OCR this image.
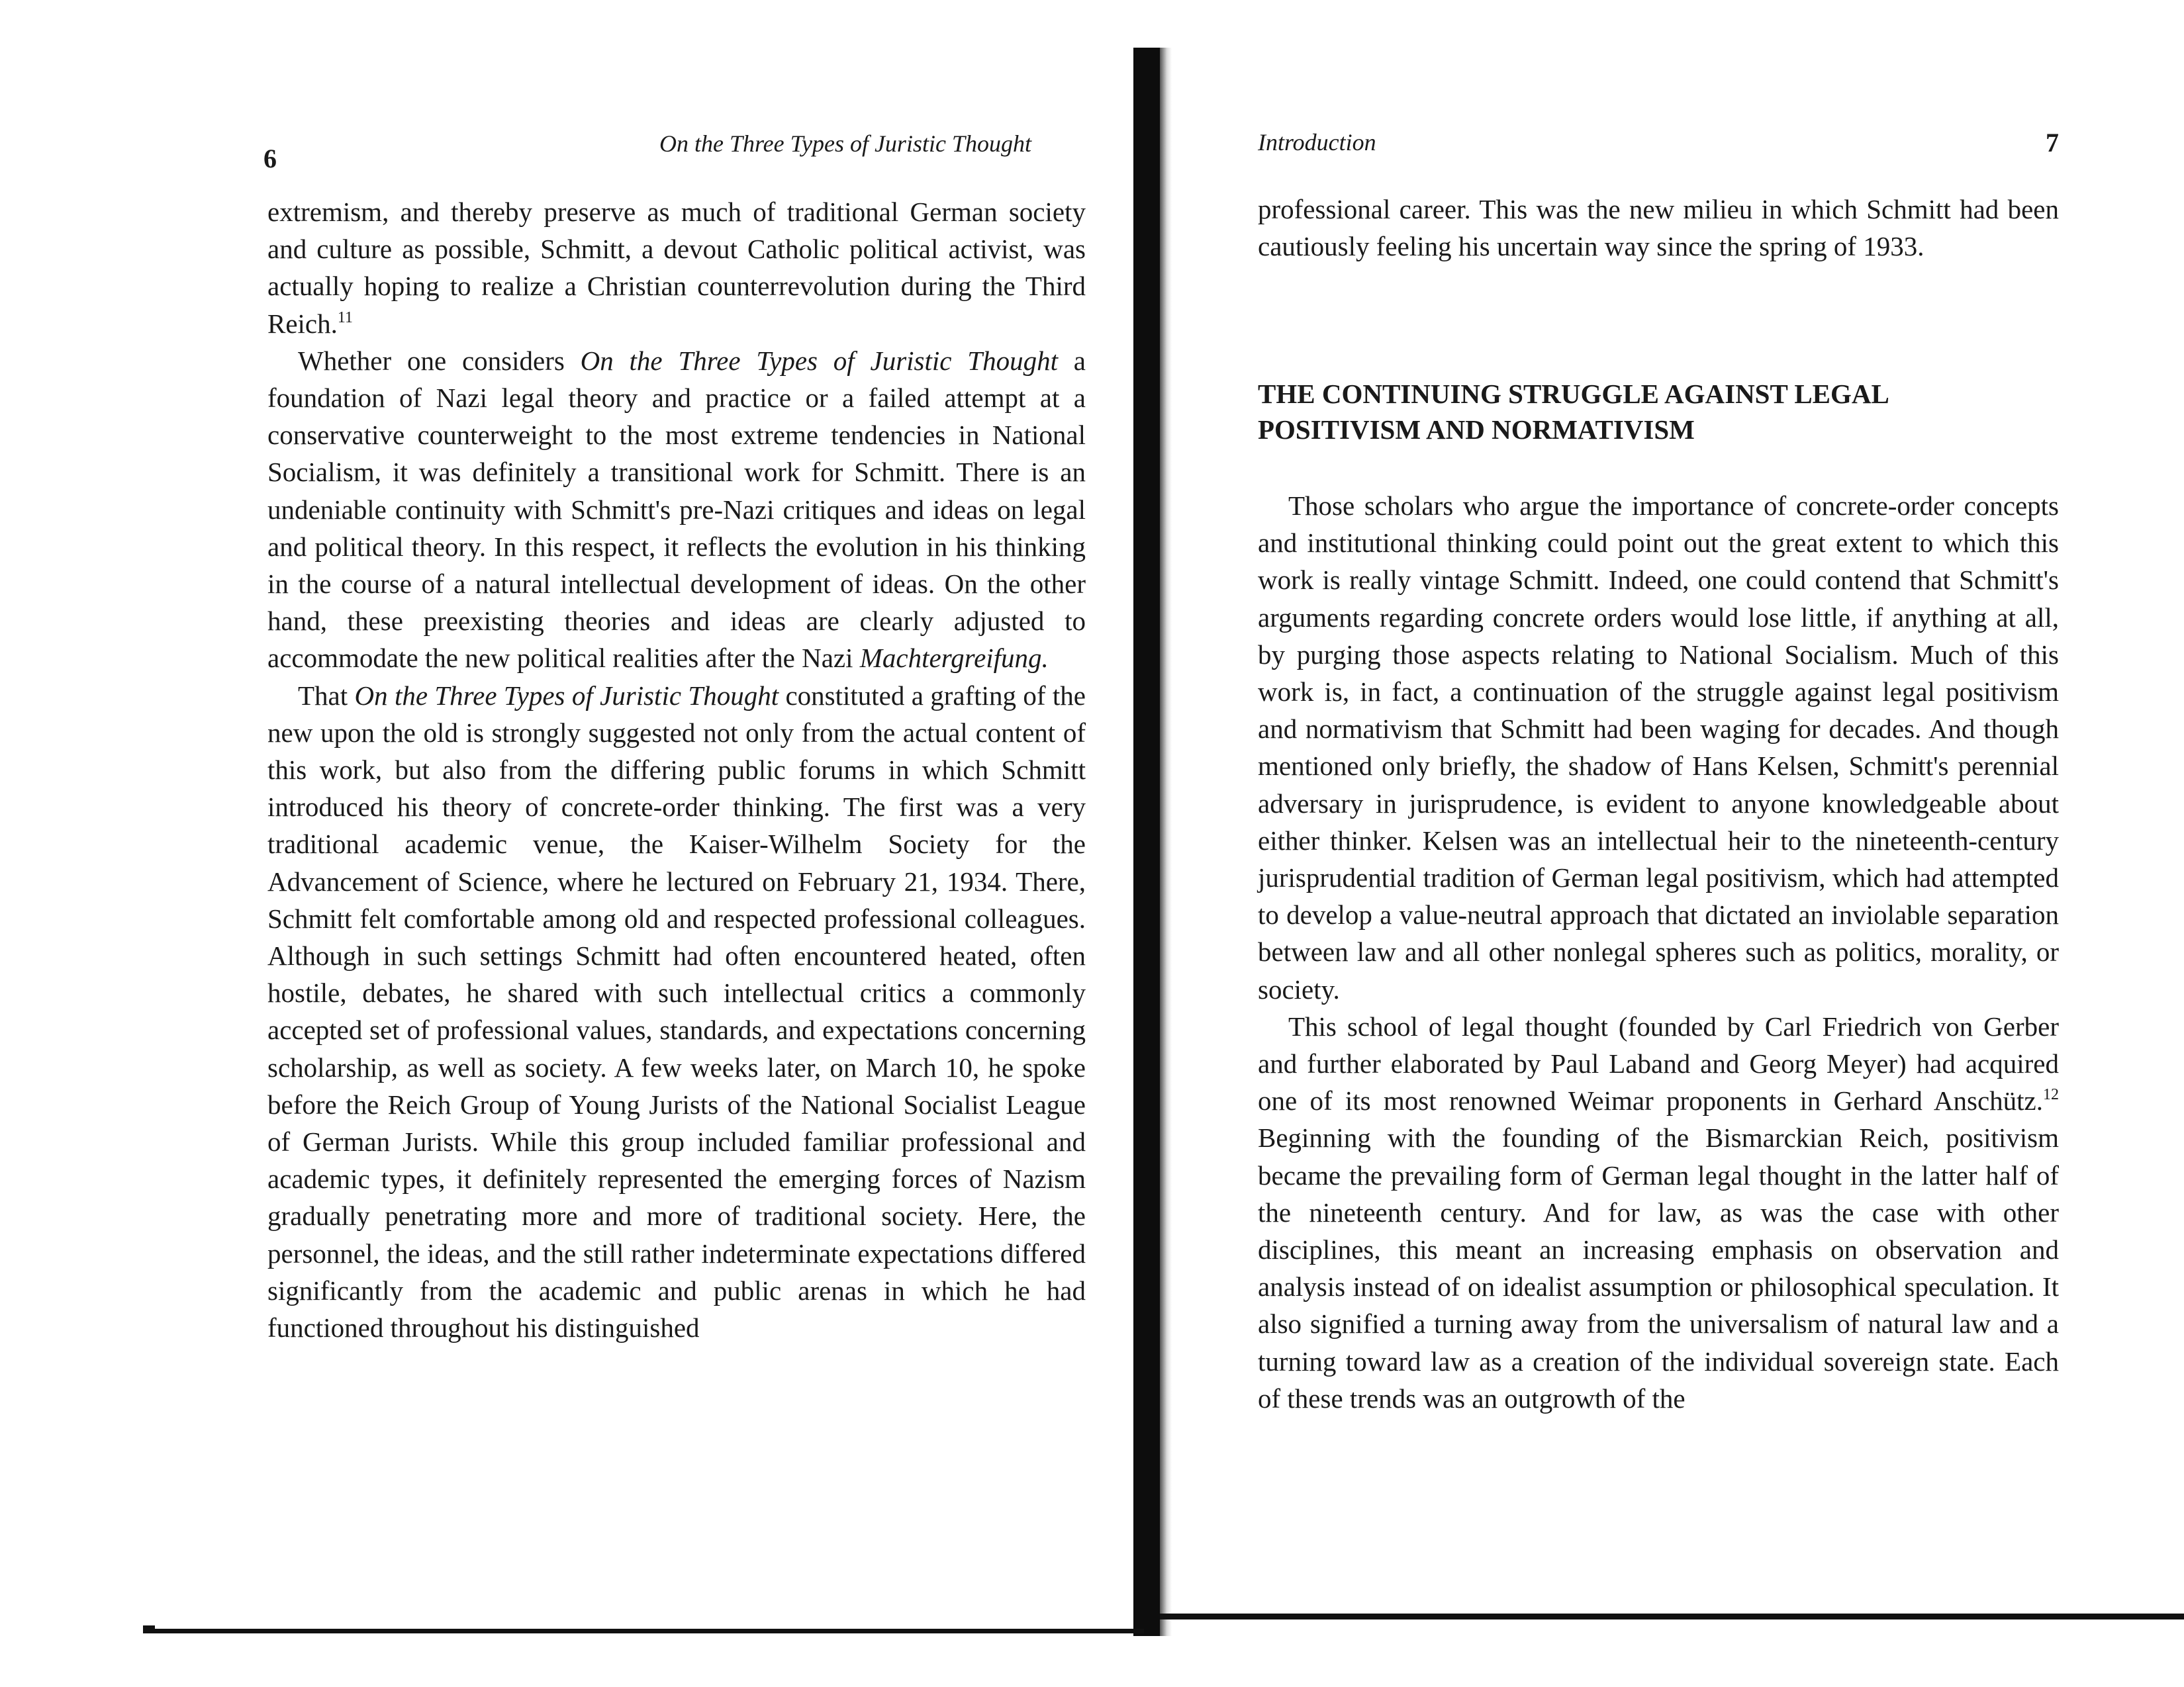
6	On the Three Types of Juristic Thought

extremism, and thereby preserve as much of traditional German society and culture as possible, Schmitt, a devout Catholic political activist, was actually hoping to realize a Christian counterrevolution during the Third Reich.$^{11}$

Whether one considers On the Three Types of Juristic Thought a foundation of Nazi legal theory and practice or a failed attempt at a conservative counterweight to the most extreme tendencies in National Socialism, it was definitely a transitional work for Schmitt. There is an undeniable continuity with Schmitt's pre-Nazi critiques and ideas on legal and political theory. In this respect, it reflects the evolution in his thinking in the course of a natural intellectual development of ideas. On the other hand, these preexisting theories and ideas are clearly adjusted to accommodate the new political realities after the Nazi Machtergreifung.

That On the Three Types of Juristic Thought constituted a grafting of the new upon the old is strongly suggested not only from the actual content of this work, but also from the differing public forums in which Schmitt introduced his theory of concrete-order thinking. The first was a very traditional academic venue, the Kaiser-Wilhelm Society for the Advancement of Science, where he lectured on February 21, 1934. There, Schmitt felt comfortable among old and respected professional colleagues. Although in such settings Schmitt had often encountered heated, often hostile, debates, he shared with such intellectual critics a commonly accepted set of professional values, standards, and expectations concerning scholarship, as well as society. A few weeks later, on March 10, he spoke before the Reich Group of Young Jurists of the National Socialist League of German Jurists. While this group included familiar professional and academic types, it definitely represented the emerging forces of Nazism gradually penetrating more and more of traditional society. Here, the personnel, the ideas, and the still rather indeterminate expectations differed significantly from the academic and public arenas in which he had functioned throughout his distinguished

Introduction	7

professional career. This was the new milieu in which Schmitt had been cautiously feeling his uncertain way since the spring of 1933.

THE CONTINUING STRUGGLE AGAINST LEGAL
POSITIVISM AND NORMATIVISM

Those scholars who argue the importance of concrete-order concepts and institutional thinking could point out the great extent to which this work is really vintage Schmitt. Indeed, one could contend that Schmitt's arguments regarding concrete orders would lose little, if anything at all, by purging those aspects relating to National Socialism. Much of this work is, in fact, a continuation of the struggle against legal positivism and normativism that Schmitt had been waging for decades. And though mentioned only briefly, the shadow of Hans Kelsen, Schmitt's perennial adversary in jurisprudence, is evident to anyone knowledgeable about either thinker. Kelsen was an intellectual heir to the nineteenth-century jurisprudential tradition of German legal positivism, which had attempted to develop a value-neutral approach that dictated an inviolable separation between law and all other nonlegal spheres such as politics, morality, or society.

This school of legal thought (founded by Carl Friedrich von Gerber and further elaborated by Paul Laband and Georg Meyer) had acquired one of its most renowned Weimar proponents in Gerhard Anschütz.$^{12}$ Beginning with the founding of the Bismarckian Reich, positivism became the prevailing form of German legal thought in the latter half of the nineteenth century. And for law, as was the case with other disciplines, this meant an increasing emphasis on observation and analysis instead of on idealist assumption or philosophical speculation. It also signified a turning away from the universalism of natural law and a turning toward law as a creation of the individual sovereign state. Each of these trends was an outgrowth of the
